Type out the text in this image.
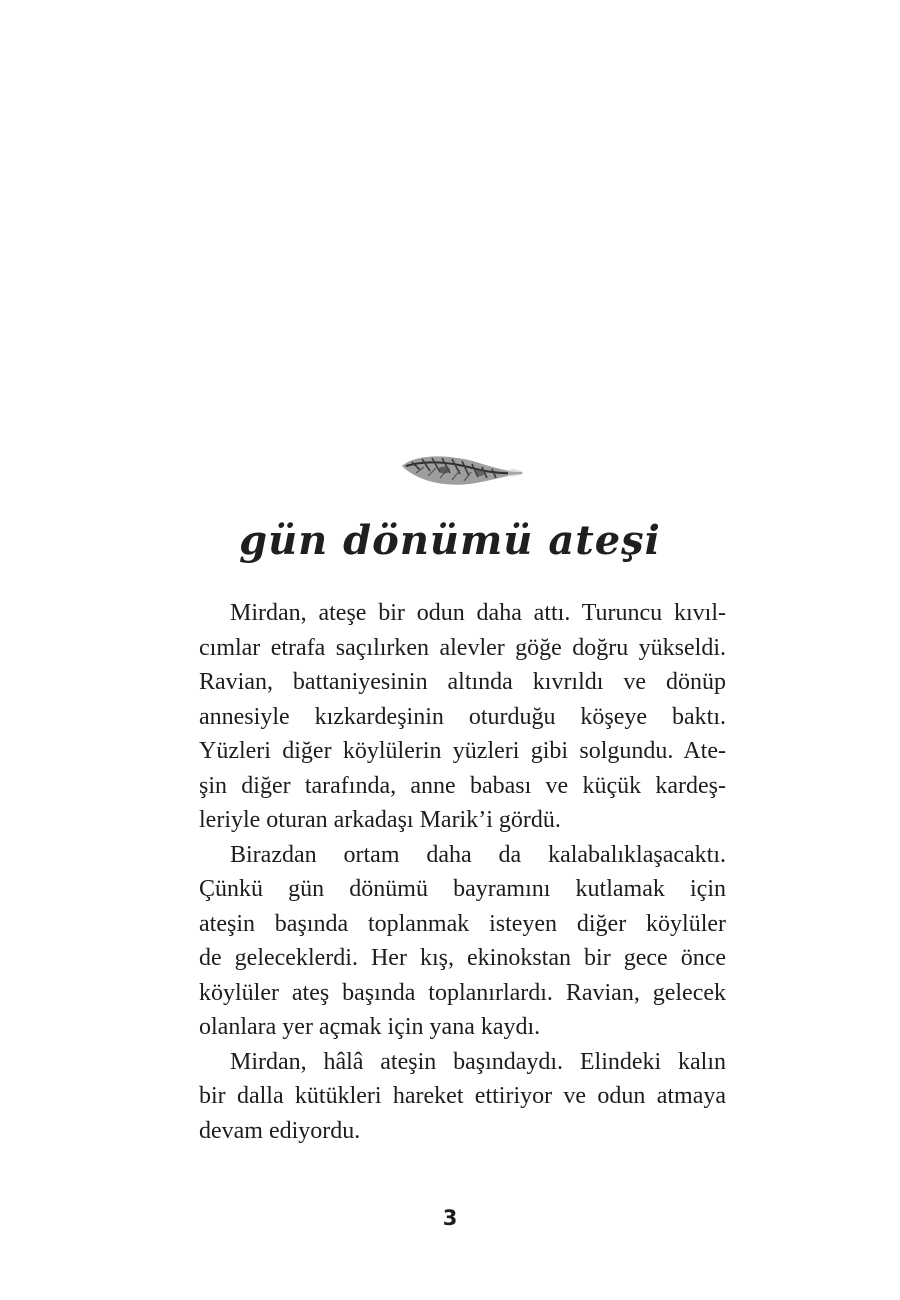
gün dönümü ateşi

Mirdan, ateşe bir odun daha attı. Turuncu kıvıl-
cımlar etrafa saçılırken alevler göğe doğru yükseldi.
Ravian, battaniyesinin altında kıvrıldı ve dönüp
annesiyle kızkardeşinin oturduğu köşeye baktı.
Yüzleri diğer köylülerin yüzleri gibi solgundu. Ate-
şin diğer tarafında, anne babası ve küçük kardeş-
leriyle oturan arkadaşı Marik’i gördü.

Birazdan ortam daha da kalabalıklaşacaktı.
Çünkü gün dönümü bayramını kutlamak için
ateşin başında toplanmak isteyen diğer köylüler
de geleceklerdi. Her kış, ekinokstan bir gece önce
köylüler ateş başında toplanırlardı. Ravian, gelecek
olanlara yer açmak için yana kaydı.

Mirdan, hâlâ ateşin başındaydı. Elindeki kalın
bir dalla kütükleri hareket ettiriyor ve odun atmaya
devam ediyordu.

3
